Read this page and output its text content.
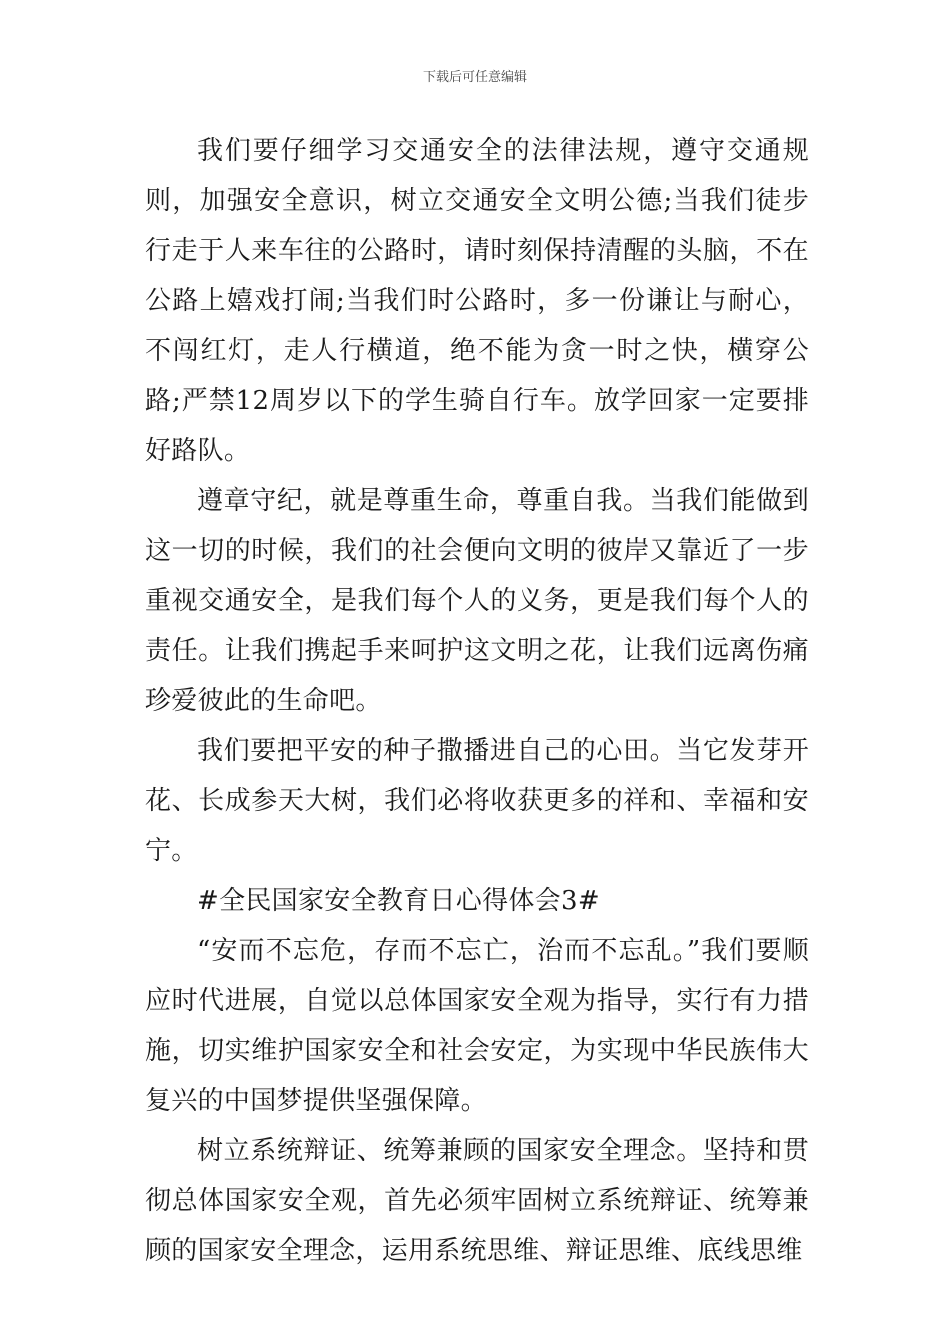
下载后可任意编辑

我们要仔细学习交通安全的法律法规，遵守交通规则，加强安全意识，树立交通安全文明公德;当我们徒步行走于人来车往的公路时，请时刻保持清醒的头脑，不在公路上嬉戏打闹;当我们时公路时，多一份谦让与耐心，不闯红灯，走人行横道，绝不能为贪一时之快，横穿公路;严禁12周岁以下的学生骑自行车。放学回家一定要排好路队。

遵章守纪，就是尊重生命，尊重自我。当我们能做到这一切的时候，我们的社会便向文明的彼岸又靠近了一步重视交通安全，是我们每个人的义务，更是我们每个人的责任。让我们携起手来呵护这文明之花，让我们远离伤痛珍爱彼此的生命吧。

我们要把平安的种子撒播进自己的心田。当它发芽开花、长成参天大树，我们必将收获更多的祥和、幸福和安宁。

#全民国家安全教育日心得体会3#

“安而不忘危，存而不忘亡，治而不忘乱。”我们要顺应时代进展，自觉以总体国家安全观为指导，实行有力措施，切实维护国家安全和社会安定，为实现中华民族伟大复兴的中国梦提供坚强保障。

树立系统辩证、统筹兼顾的国家安全理念。坚持和贯彻总体国家安全观，首先必须牢固树立系统辩证、统筹兼顾的国家安全理念，运用系统思维、辩证思维、底线思维
